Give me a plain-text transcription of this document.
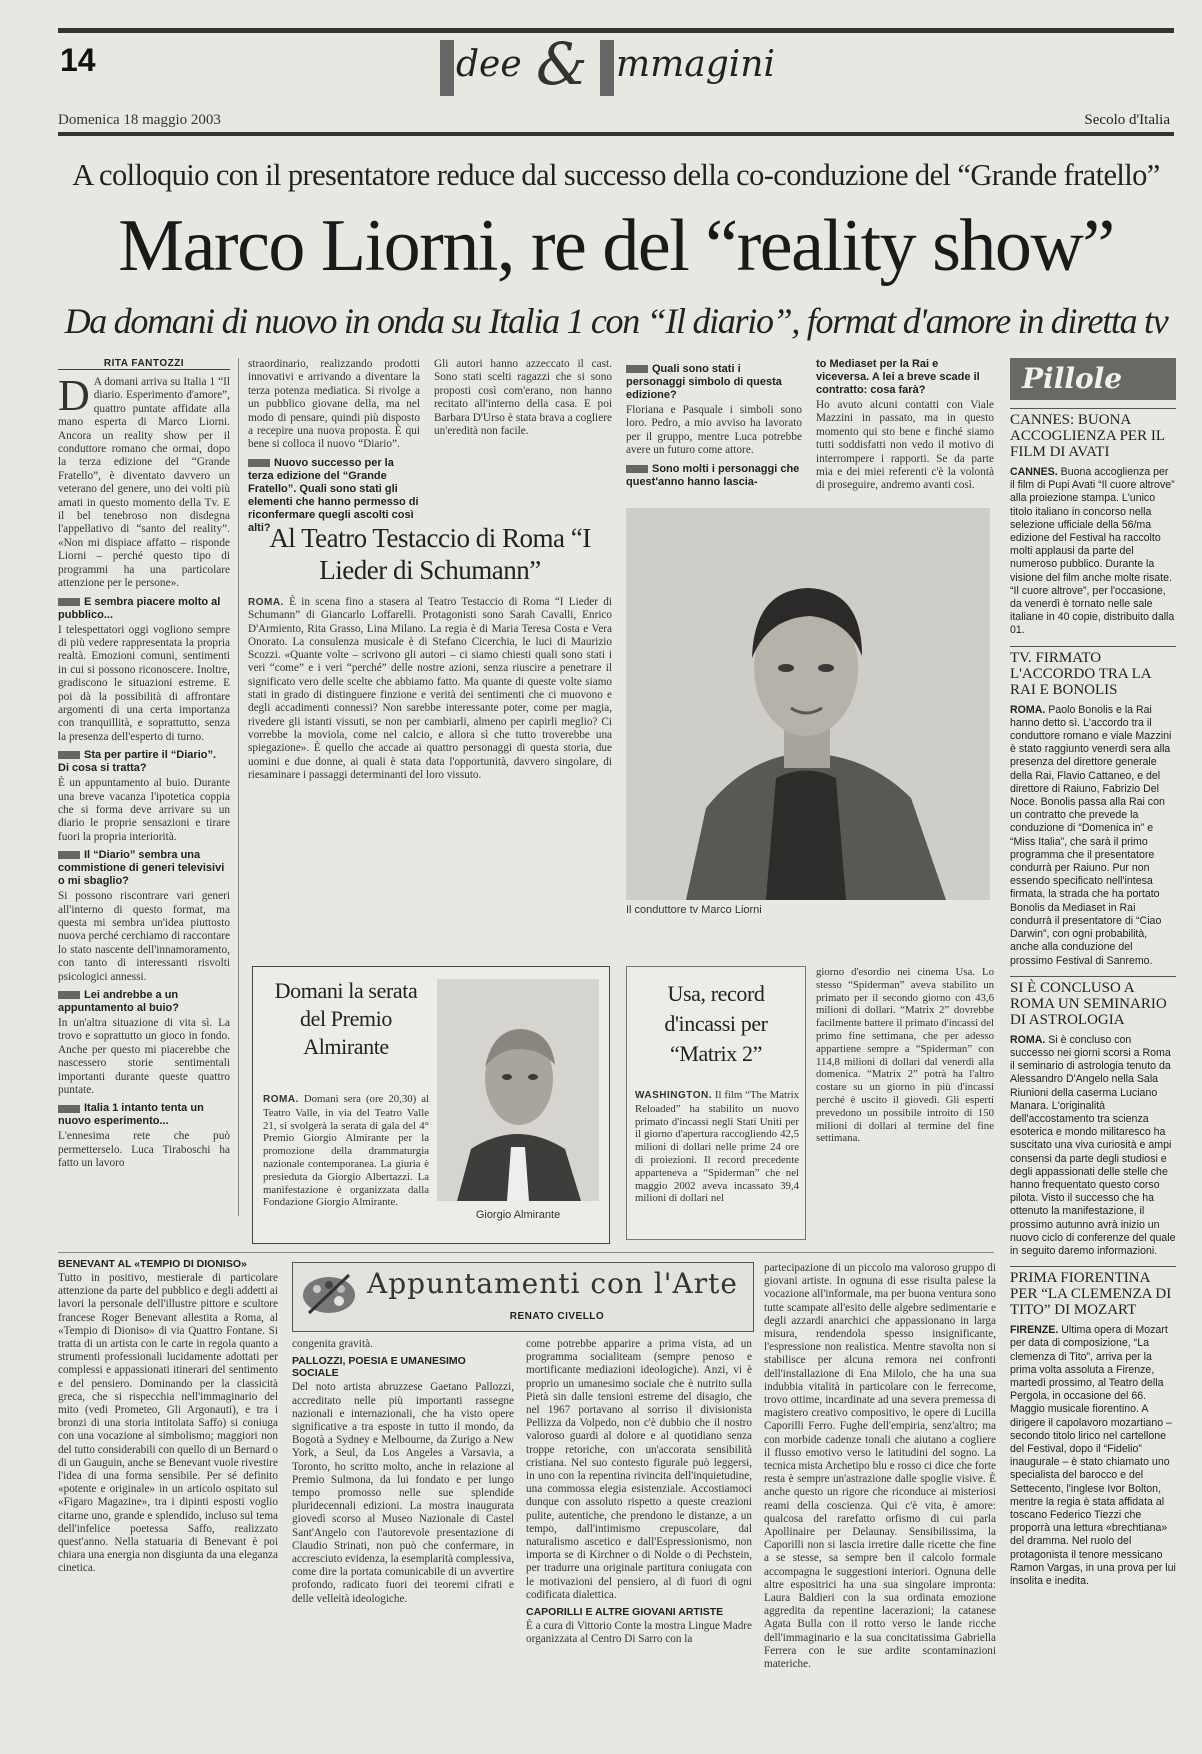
14	dee & mmagini
Domenica 18 maggio 2003	Secolo d'Italia
A colloquio con il presentatore reduce dal successo della co-conduzione del “Grande fratello”
Marco Liorni, re del “reality show”
Da domani di nuovo in onda su Italia 1 con “Il diario”, format d'amore in diretta tv
RITA FANTOZZI

D A domani arriva su Italia 1 “Il diario. Esperimento d'amore”, quattro puntate affidate alla mano esperta di Marco Liorni. Ancora un reality show per il conduttore romano che ormai, dopo la terza edizione del “Grande Fratello”, è diventato davvero un veterano del genere, uno dei volti più amati in questo momento della Tv. E il bel tenebroso non disdegna l'appellativo di “santo del reality”. «Non mi dispiace affatto – risponde Liorni – perché questo tipo di programmi ha una particolare attenzione per le persone».

E sembra piacere molto al pubblico...

I telespettatori oggi vogliono sempre di più vedere rappresentata la propria realtà. Emozioni comuni, sentimenti in cui si possono riconoscere. Inoltre, gradiscono le situazioni estreme. E poi dà la possibilità di affrontare argomenti di una certa importanza con tranquillità, e soprattutto, senza la presenza dell'esperto di turno.

Sta per partire il “Diario”. Di cosa si tratta?

È un appuntamento al buio. Durante una breve vacanza l'ipotetica coppia che si forma deve arrivare su un diario le proprie sensazioni e tirare fuori la propria interiorità.

Il “Diario” sembra una commistione di generi televisivi o mi sbaglio?

Si possono riscontrare vari generi all'interno di questo format, ma questa mi sembra un'idea piuttosto nuova perché cerchiamo di raccontare lo stato nascente dell'innamoramento, con tanto di interessanti risvolti psicologici annessi.

Lei andrebbe a un appuntamento al buio?

In un'altra situazione di vita sì. La trovo e soprattutto un gioco in fondo. Anche per questo mi piacerebbe che nascessero storie sentimentali importanti durante queste quattro puntate.

Italia 1 intanto tenta un nuovo esperimento...

L'ennesima rete che può permetterselo. Luca Tiraboschi ha fatto un lavoro

straordinario, realizzando prodotti innovativi e arrivando a diventare la terza potenza mediatica. Si rivolge a un pubblico giovane della, ma nel modo di pensare, quindi più disposto a recepire una nuova proposta. È qui bene si colloca il nuovo “Diario”.

Nuovo successo per la terza edizione del “Grande Fratello”. Quali sono stati gli elementi che hanno permesso di riconfermare quegli ascolti così alti?

Gli autori hanno azzeccato il cast. Sono stati scelti ragazzi che si sono proposti così com'erano, non hanno recitato all'interno della casa. E poi Barbara D'Urso è stata brava a cogliere un'eredità non facile.

Quali sono stati i personaggi simbolo di questa edizione?

Floriana e Pasquale i simboli sono loro. Pedro, a mio avviso ha lavorato per il gruppo, mentre Luca potrebbe avere un futuro come attore.

Sono molti i personaggi che quest'anno hanno lascia-
to Mediaset per la Rai e viceversa. A lei a breve scade il contratto: cosa farà?

Ho avuto alcuni contatti con Viale Mazzini in passato, ma in questo momento qui sto bene e finché siamo tutti soddisfatti non vedo il motivo di interrompere i rapporti. Se da parte mia e dei miei referenti c'è la volontà di proseguire, andremo avanti così.

Al Teatro Testaccio di Roma “I Lieder di Schumann”

ROMA. È in scena fino a stasera al Teatro Testaccio di Roma “I Lieder di Schumann” di Giancarlo Loffarelli. Protagonisti sono Sarah Cavalli, Enrico D'Armiento, Rita Grasso, Lina Milano. La regia è di Maria Teresa Costa e Vera Onorato. La consulenza musicale è di Stefano Cicerchia, le luci di Maurizio Scozzi. «Quante volte – scrivono gli autori – ci siamo chiesti quali sono stati i veri “come” e i veri “perché” delle nostre azioni, senza riuscire a penetrare il significato vero delle scelte che abbiamo fatto. Ma quante di queste volte siamo stati in grado di distinguere finzione e verità dei sentimenti che ci muovono e degli accadimenti connessi? Non sarebbe interessante poter, come per magia, rivedere gli istanti vissuti, se non per cambiarli, almeno per capirli meglio? Ci vorrebbe la moviola, come nel calcio, e allora sì che tutto troverebbe una spiegazione». È quello che accade ai quattro personaggi di questa storia, due uomini e due donne, ai quali è stata data l'opportunità, davvero singolare, di riesaminare i passaggi determinanti del loro vissuto.

Il conduttore tv Marco Liorni
Domani la serata del Premio Almirante

ROMA. Domani sera (ore 20,30) al Teatro Valle, in via del Teatro Valle 21, si svolgerà la serata di gala del 4° Premio Giorgio Almirante per la promozione della drammaturgia nazionale contemporanea. La giuria è presieduta da Giorgio Albertazzi. La manifestazione è organizzata dalla Fondazione Giorgio Almirante.

Giorgio Almirante
Usa, record d'incassi per “Matrix 2”

WASHINGTON. Il film “The Matrix Reloaded” ha stabilito un nuovo primato d'incassi negli Stati Uniti per il giorno d'apertura raccogliendo 42,5 milioni di dollari nelle prime 24 ore di proiezioni. Il record precedente apparteneva a “Spiderman” che nel maggio 2002 aveva incassato 39,4 milioni di dollari nel

giorno d'esordio nei cinema Usa. Lo stesso “Spiderman” aveva stabilito un primato per il secondo giorno con 43,6 milioni di dollari. “Matrix 2” dovrebbe facilmente battere il primato d'incassi del primo fine settimana, che per adesso appartiene sempre a “Spiderman” con 114,8 milioni di dollari dal venerdì alla domenica. “Matrix 2” potrà ha l'altro costare su un giorno in più d'incassi perché è uscito il giovedì. Gli esperti prevedono un possibile introito di 150 milioni di dollari al termine del fine settimana.

Pillole
CANNES: BUONA ACCOGLIENZA PER IL FILM DI AVATI

CANNES. Buona accoglienza per il film di Pupi Avati “Il cuore altrove” alla proiezione stampa. L'unico titolo italiano in concorso nella selezione ufficiale della 56/ma edizione del Festival ha raccolto molti applausi da parte del numeroso pubblico. Durante la visione del film anche molte risate. “Il cuore altrove”, per l'occasione, da venerdì è tornato nelle sale italiane in 40 copie, distribuito dalla 01.

TV. FIRMATO L'ACCORDO TRA LA RAI E BONOLIS

ROMA. Paolo Bonolis e la Rai hanno detto sì. L'accordo tra il conduttore romano e viale Mazzini è stato raggiunto venerdì sera alla presenza del direttore generale della Rai, Flavio Cattaneo, e del direttore di Raiuno, Fabrizio Del Noce. Bonolis passa alla Rai con un contratto che prevede la conduzione di “Domenica in” e “Miss Italia”, che sarà il primo programma che il presentatore condurrà per Raiuno. Pur non essendo specificato nell'intesa firmata, la strada che ha portato Bonolis da Mediaset in Rai condurrà il presentatore di “Ciao Darwin”, con ogni probabilità, anche alla conduzione del prossimo Festival di Sanremo.

SI È CONCLUSO A ROMA UN SEMINARIO DI ASTROLOGIA

ROMA. Si è concluso con successo nei giorni scorsi a Roma il seminario di astrologia tenuto da Alessandro D'Angelo nella Sala Riunioni della caserma Luciano Manara. L'originalità dell'accostamento tra scienza esoterica e mondo militaresco ha suscitato una viva curiosità e ampi consensi da parte degli studiosi e degli appassionati delle stelle che hanno frequentato questo corso pilota. Visto il successo che ha ottenuto la manifestazione, il prossimo autunno avrà inizio un nuovo ciclo di conferenze del quale in seguito daremo informazioni.

PRIMA FIORENTINA PER “LA CLEMENZA DI TITO” DI MOZART

FIRENZE. Ultima opera di Mozart per data di composizione, “La clemenza di Tito”, arriva per la prima volta assoluta a Firenze, martedì prossimo, al Teatro della Pergola, in occasione del 66. Maggio musicale fiorentino. A dirigere il capolavoro mozartiano – secondo titolo lirico nel cartellone del Festival, dopo il “Fidelio” inaugurale – è stato chiamato uno specialista del barocco e del Settecento, l'inglese Ivor Bolton, mentre la regia è stata affidata al toscano Federico Tiezzi che proporrà una lettura «brechtiana» del dramma. Nel ruolo del protagonista il tenore messicano Ramon Vargas, in una prova per lui insolita e inedita.

BENEVANT AL «TEMPIO DI DIONISO»

Tutto in positivo, mestierale di particolare attenzione da parte del pubblico e degli addetti ai lavori la personale dell'illustre pittore e scultore francese Roger Benevant allestita a Roma, al «Tempio di Dioniso» di via Quattro Fontane. Si tratta di un artista con le carte in regola quanto a strumenti professionali lucidamente adottati per complessi e appassionati itinerari del sentimento e del pensiero. Dominando per la classicità greca, che si rispecchia nell'immaginario del mito (vedi Prometeo, Gli Argonauti), e tra i bronzi di una storia intitolata Saffo) si coniuga con una vocazione al simbolismo; maggiori non del tutto considerabili con quello di un Bernard o di un Gauguin, anche se Benevant vuole rivestire l'idea di una forma sensibile. Per sé definito «potente e originale» in un articolo ospitato sul «Figaro Magazine», tra i dipinti esposti voglio citarne uno, grande e splendido, incluso sul tema dell'infelice poetessa Saffo, realizzato quest'anno. Nella statuaria di Benevant è poi chiara una energia non disgiunta da una eleganza cinetica.

Appuntamenti con l'Arte
RENATO CIVELLO

congenita gravità.

PALLOZZI, POESIA E UMANESIMO SOCIALE

Del noto artista abruzzese Gaetano Pallozzi, accreditato nelle più importanti rassegne nazionali e internazionali, che ha visto opere significative a tra esposte in tutto il mondo, da Bogotà a Sydney e Melbourne, da Zurigo a New York, a Seul, da Los Angeles a Varsavia, a Toronto, ho scritto molto, anche in relazione al Premio Sulmona, da lui fondato e per lungo tempo promosso nelle sue splendide pluridecennali edizioni. La mostra inaugurata giovedì scorso al Museo Nazionale di Castel Sant'Angelo con l'autorevole presentazione di Claudio Strinati, non può che confermare, in accresciuto evidenza, la esemplarità complessiva, come dire la portata comunicabile di un avvertire profondo, radicato fuori dei teoremi cifrati e delle velleità ideologiche.

come potrebbe apparire a prima vista, ad un programma socialiteam (sempre penoso e mortificante mediazioni ideologiche). Anzi, vi è proprio un umanesimo sociale che è nutrito sulla Pietà sin dalle tensioni estreme del disagio, che nel 1967 portavano al sorriso il divisionista Pellizza da Volpedo, non c'è dubbio che il nostro valoroso guardi al dolore e al quotidiano senza troppe retoriche, con un'accorata sensibilità cristiana. Nel suo contesto figurale può leggersi, in uno con la repentina rivincita dell'inquietudine, una commossa elegia esistenziale. Accostiamoci dunque con assoluto rispetto a queste creazioni pulite, autentiche, che prendono le distanze, a un tempo, dall'intimismo crepuscolare, dal naturalismo ascetico e dall'Espressionismo, non importa se di Kirchner o di Nolde o di Pechstein, per tradurre una originale partitura coniugata con le motivazioni del pensiero, al di fuori di ogni codificata dialettica.

CAPORILLI E ALTRE GIOVANI ARTISTE

È a cura di Vittorio Conte la mostra Lingue Madre organizzata al Centro Di Sarro con la

partecipazione di un piccolo ma valoroso gruppo di giovani artiste. In ognuna di esse risulta palese la vocazione all'informale, ma per buona ventura sono tutte scampate all'esito delle algebre sedimentarie e degli azzardi anarchici che appassionano in larga misura, rendendola spesso insignificante, l'espressione non realistica. Mentre stavolta non si stabilisce per alcuna remora nei confronti dell'installazione di Ena Milolo, che ha una sua indubbia vitalità in particolare con le ferrecome, trovo ottime, incardinate ad una severa premessa di magistero creativo compositivo, le opere di Lucilla Caporilli Ferro. Fughe dell'empiria, senz'altro; ma con morbide cadenze tonali che aiutano a cogliere il flusso emotivo verso le latitudini del sogno. La tecnica mista Archetipo blu e rosso ci dice che forte resta è sempre un'astrazione dalle spoglie visive. È anche questo un rigore che riconduce ai misteriosi reami della coscienza. Qui c'è vita, è amore: qualcosa del rarefatto orfismo di cui parla Apollinaire per Delaunay. Sensibilissima, la Caporilli non si lascia irretire dalle ricette che fine a se stesse, sa sempre ben il calcolo formale accompagna le suggestioni interiori. Ognuna delle altre espositrici ha una sua singolare impronta: Laura Baldieri con la sua ordinata emozione aggredita da repentine lacerazioni; la catanese Agata Bulla con il rotto verso le lande ricche dell'immaginario e la sua concitatissima Gabriella Ferrera con le sue ardite scontaminazioni materiche.
